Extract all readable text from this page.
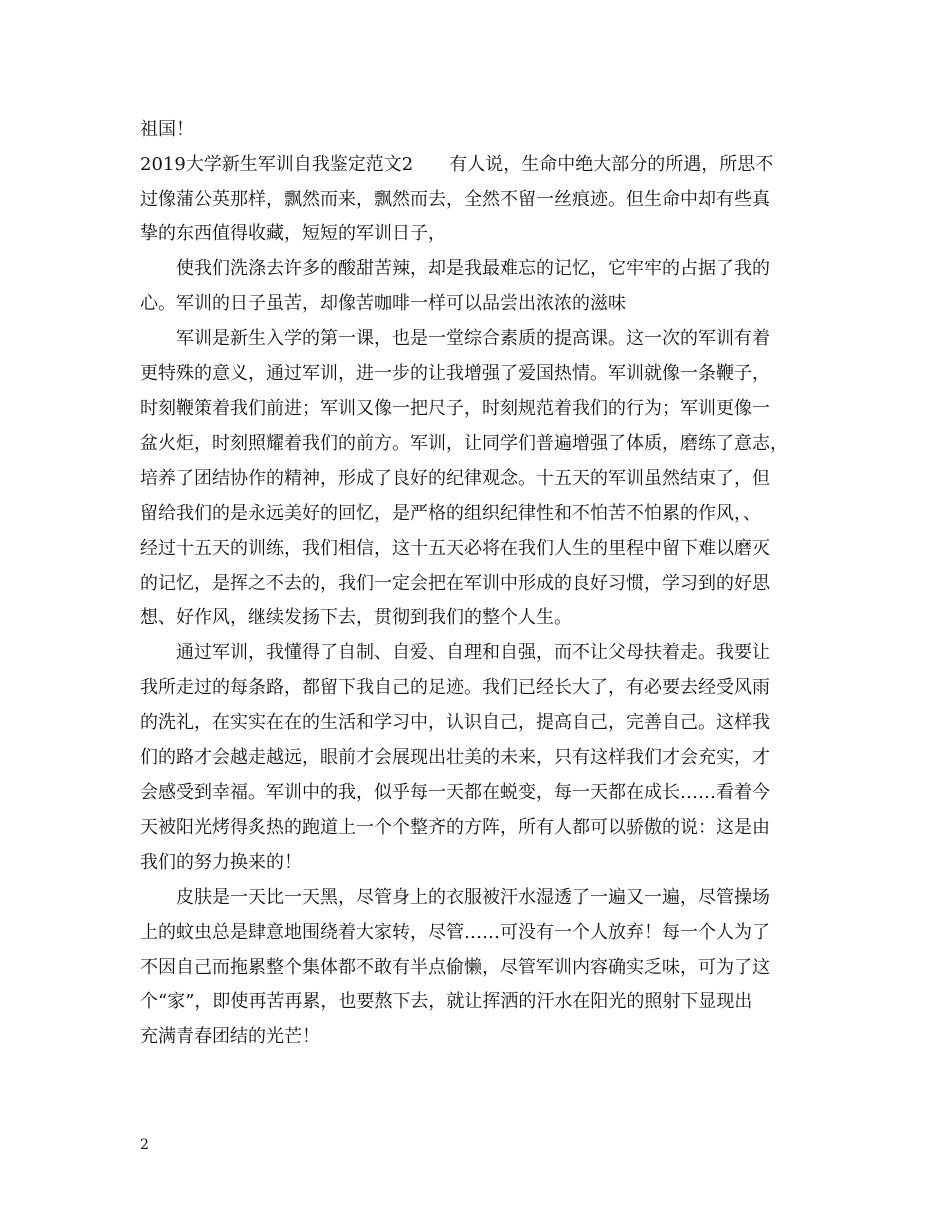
祖国！
2019大学新生军训自我鉴定范文2　　有人说，生命中绝大部分的所遇，所思不
过像蒲公英那样，飘然而来，飘然而去，全然不留一丝痕迹。但生命中却有些真
挚的东西值得收藏，短短的军训日子，
　　使我们洗涤去许多的酸甜苦辣，却是我最难忘的记忆，它牢牢的占据了我的
心。军训的日子虽苦，却像苦咖啡一样可以品尝出浓浓的滋味
　　军训是新生入学的第一课，也是一堂综合素质的提高课。这一次的军训有着
更特殊的意义，通过军训，进一步的让我增强了爱国热情。军训就像一条鞭子，
时刻鞭策着我们前进；军训又像一把尺子，时刻规范着我们的行为；军训更像一
盆火炬，时刻照耀着我们的前方。军训，让同学们普遍增强了体质，磨练了意志，
培养了团结协作的精神，形成了良好的纪律观念。十五天的军训虽然结束了，但
留给我们的是永远美好的回忆，是严格的组织纪律性和不怕苦不怕累的作风，、
经过十五天的训练，我们相信，这十五天必将在我们人生的里程中留下难以磨灭
的记忆，是挥之不去的，我们一定会把在军训中形成的良好习惯，学习到的好思
想、好作风，继续发扬下去，贯彻到我们的整个人生。
　　通过军训，我懂得了自制、自爱、自理和自强，而不让父母扶着走。我要让
我所走过的每条路，都留下我自己的足迹。我们已经长大了，有必要去经受风雨
的洗礼，在实实在在的生活和学习中，认识自己，提高自己，完善自己。这样我
们的路才会越走越远，眼前才会展现出壮美的未来，只有这样我们才会充实，才
会感受到幸福。军训中的我，似乎每一天都在蜕变，每一天都在成长……看着今
天被阳光烤得炙热的跑道上一个个整齐的方阵，所有人都可以骄傲的说：这是由
我们的努力换来的！
　　皮肤是一天比一天黑，尽管身上的衣服被汗水湿透了一遍又一遍，尽管操场
上的蚊虫总是肆意地围绕着大家转，尽管……可没有一个人放弃！每一个人为了
不因自己而拖累整个集体都不敢有半点偷懒，尽管军训内容确实乏味，可为了这
个“家”，即使再苦再累，也要熬下去，就让挥洒的汗水在阳光的照射下显现出
充满青春团结的光芒！
2
